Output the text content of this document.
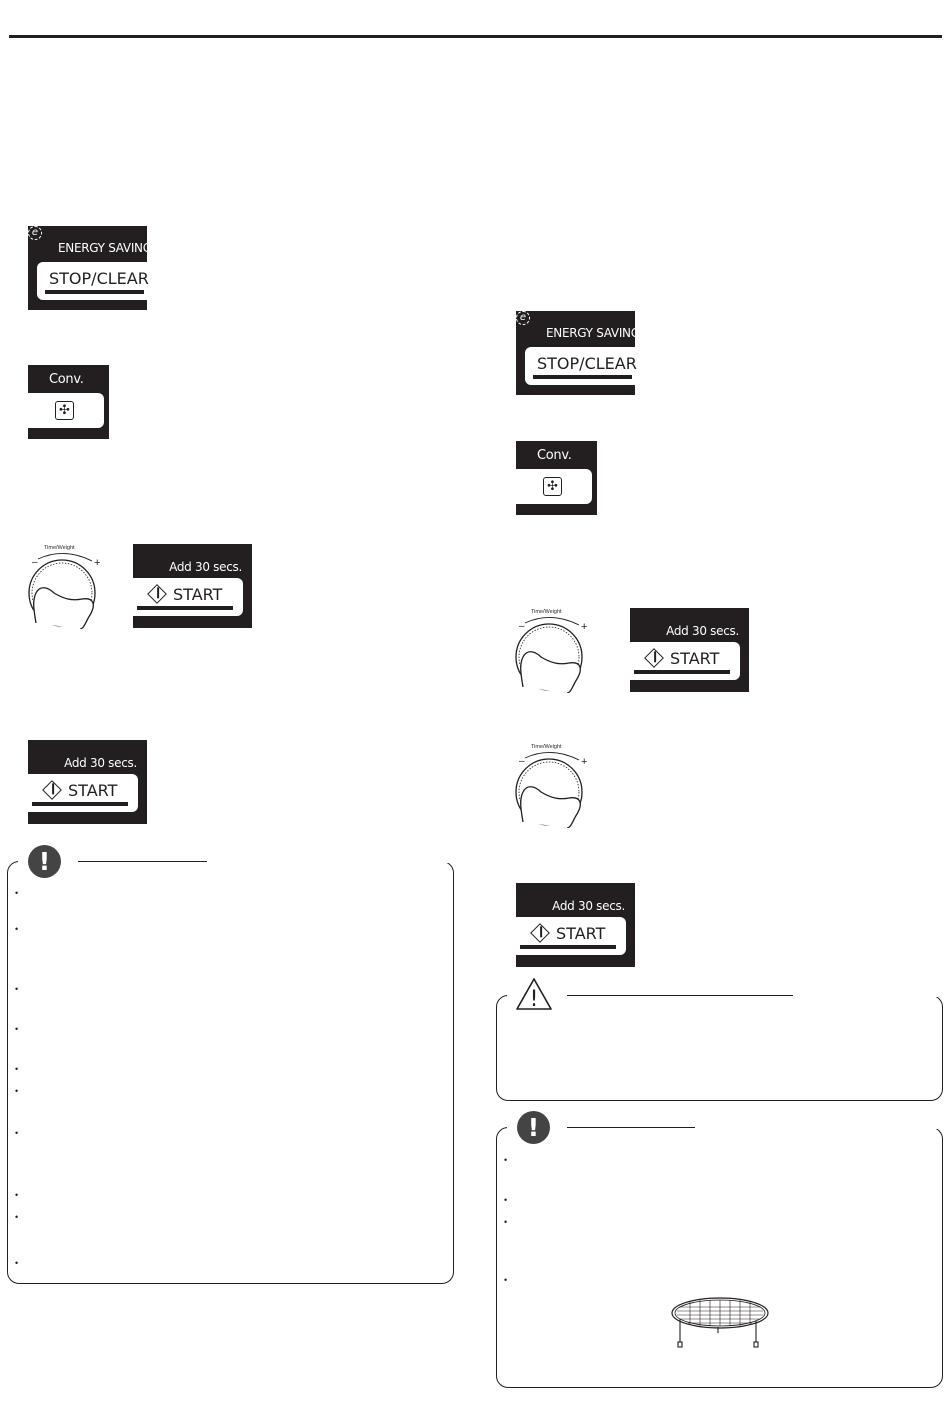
e
ENERGY SAVING
STOP/CLEAR
Conv.
✣
Time/Weight
–	+	Add 30 secs.
START
Add 30 secs.
START
!
•
•
•
•
•
•
•
•
•
•
e
ENERGY SAVING
STOP/CLEAR
Conv.
✣
Time/Weight
–	+	Add 30 secs.
START
Time/Weight
–	+
Add 30 secs.
START
!
!
•
•
•
•
